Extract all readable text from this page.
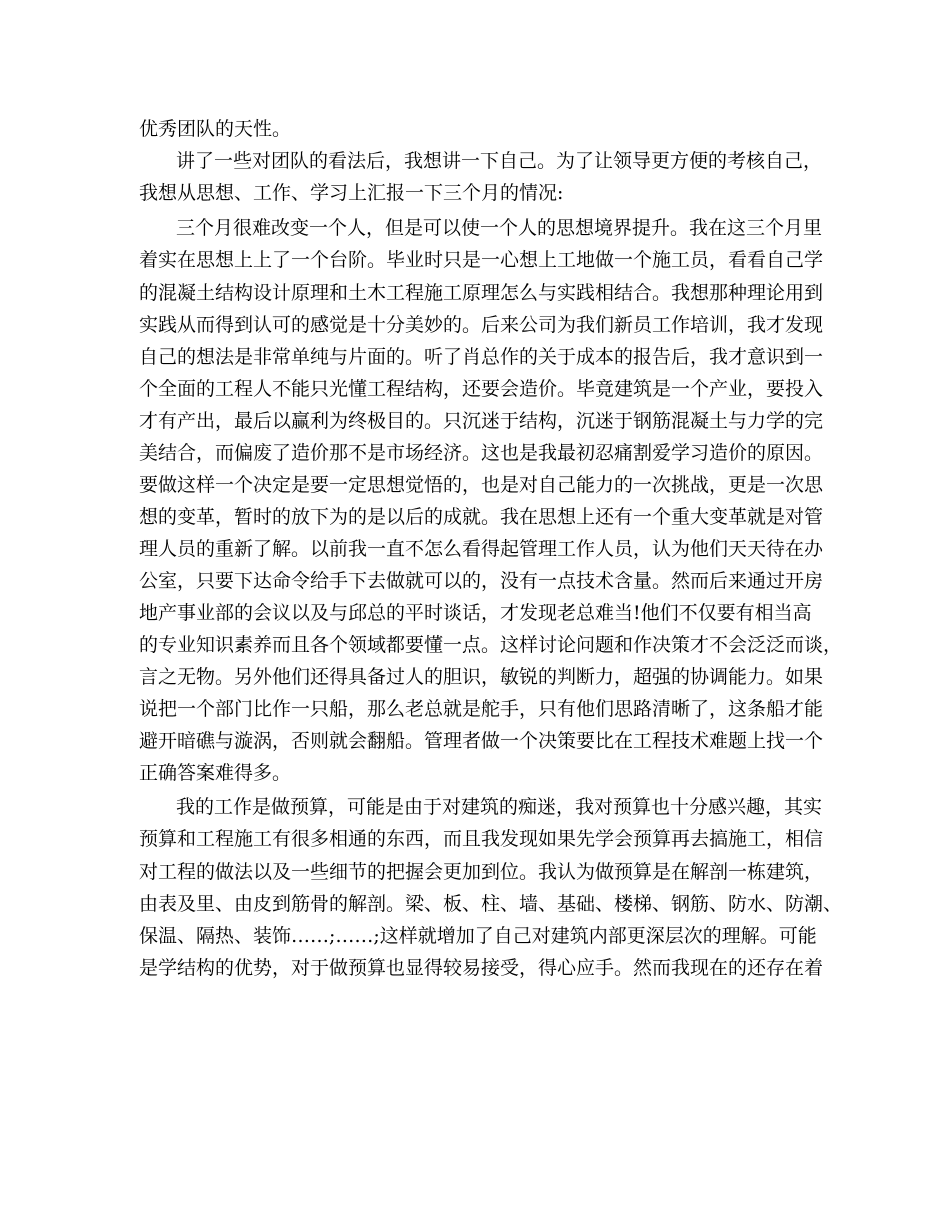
优秀团队的天性。
讲了一些对团队的看法后，我想讲一下自己。为了让领导更方便的考核自己，
我想从思想、工作、学习上汇报一下三个月的情况:
三个月很难改变一个人，但是可以使一个人的思想境界提升。我在这三个月里
着实在思想上上了一个台阶。毕业时只是一心想上工地做一个施工员，看看自己学
的混凝土结构设计原理和土木工程施工原理怎么与实践相结合。我想那种理论用到
实践从而得到认可的感觉是十分美妙的。后来公司为我们新员工作培训，我才发现
自己的想法是非常单纯与片面的。听了肖总作的关于成本的报告后，我才意识到一
个全面的工程人不能只光懂工程结构，还要会造价。毕竟建筑是一个产业，要投入
才有产出，最后以赢利为终极目的。只沉迷于结构，沉迷于钢筋混凝土与力学的完
美结合，而偏废了造价那不是市场经济。这也是我最初忍痛割爱学习造价的原因。
要做这样一个决定是要一定思想觉悟的，也是对自己能力的一次挑战，更是一次思
想的变革，暂时的放下为的是以后的成就。我在思想上还有一个重大变革就是对管
理人员的重新了解。以前我一直不怎么看得起管理工作人员，认为他们天天待在办
公室，只要下达命令给手下去做就可以的，没有一点技术含量。然而后来通过开房
地产事业部的会议以及与邱总的平时谈话，才发现老总难当!他们不仅要有相当高
的专业知识素养而且各个领域都要懂一点。这样讨论问题和作决策才不会泛泛而谈，
言之无物。另外他们还得具备过人的胆识，敏锐的判断力，超强的协调能力。如果
说把一个部门比作一只船，那么老总就是舵手，只有他们思路清晰了，这条船才能
避开暗礁与漩涡，否则就会翻船。管理者做一个决策要比在工程技术难题上找一个
正确答案难得多。
我的工作是做预算，可能是由于对建筑的痴迷，我对预算也十分感兴趣，其实
预算和工程施工有很多相通的东西，而且我发现如果先学会预算再去搞施工，相信
对工程的做法以及一些细节的把握会更加到位。我认为做预算是在解剖一栋建筑，
由表及里、由皮到筋骨的解剖。梁、板、柱、墙、基础、楼梯、钢筋、防水、防潮、
保温、隔热、装饰……;……;这样就增加了自己对建筑内部更深层次的理解。可能
是学结构的优势，对于做预算也显得较易接受，得心应手。然而我现在的还存在着
